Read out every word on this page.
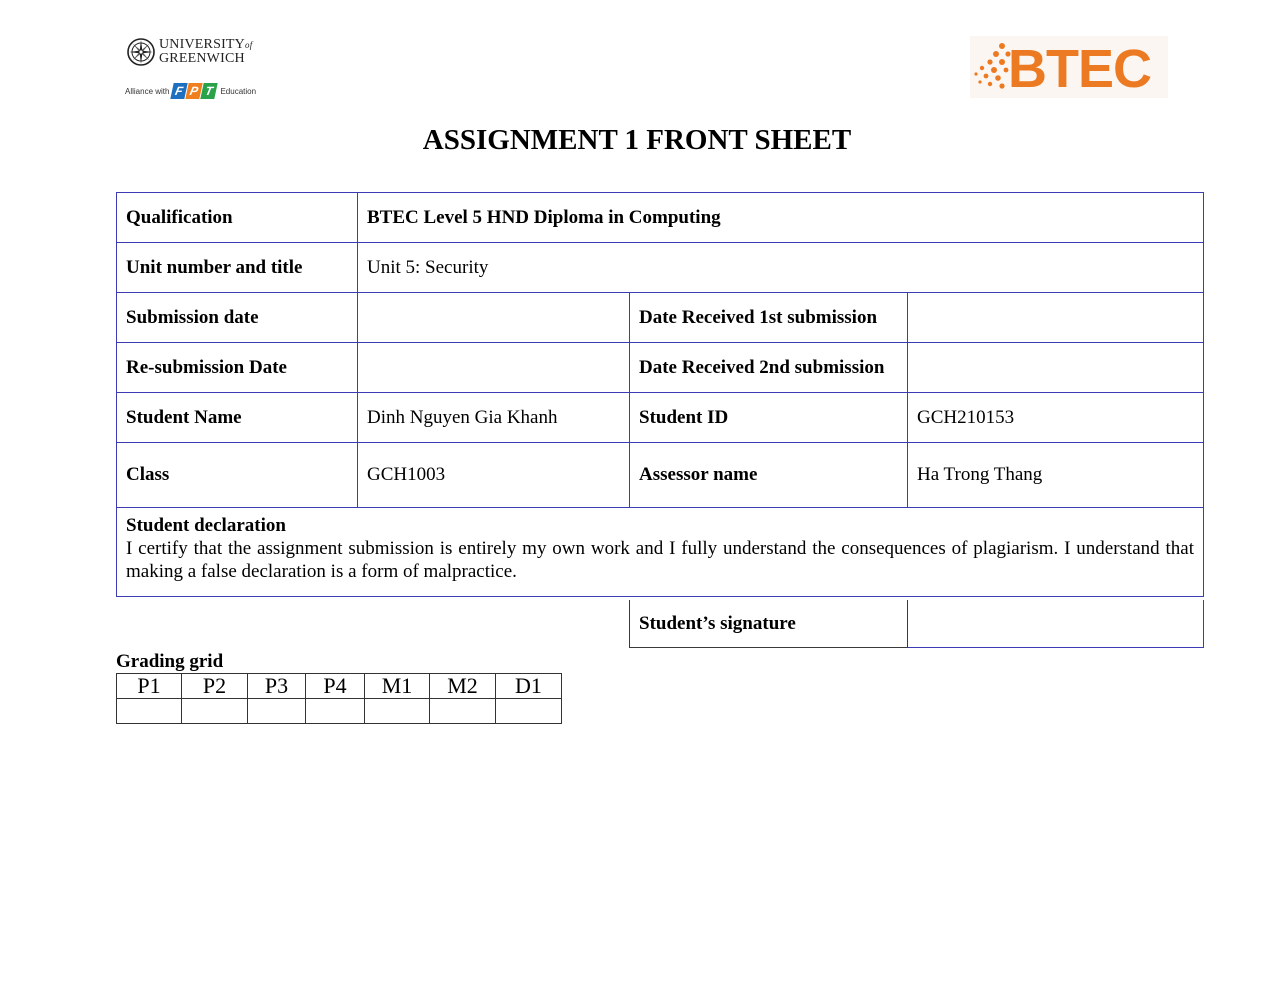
UNIVERSITYof
GREENWICH
Alliance with F P T Education	BTEC
ASSIGNMENT 1 FRONT SHEET
Qualification	BTEC Level 5 HND Diploma in Computing		
Unit number and title	Unit 5: Security		
Submission date		Date Received 1st submission	
Re-submission Date		Date Received 2nd submission	
Student Name	Dinh Nguyen Gia Khanh	Student ID	GCH210153
Class	GCH1003	Assessor name	Ha Trong Thang

Student declaration
I certify that the assignment submission is entirely my own work and I fully understand the consequences of plagiarism. I understand that making a false declaration is a form of malpractice.			
Student’s signature	
Grading grid
P1	P2	P3	P4	M1	M2	D1
